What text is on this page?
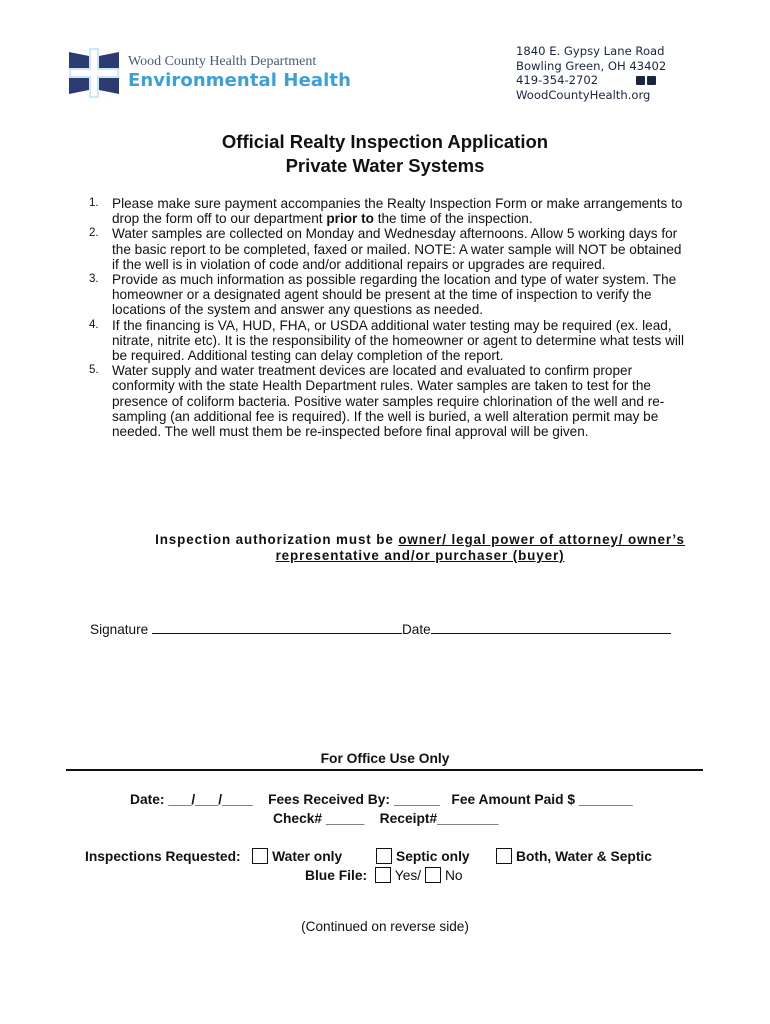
Wood County Health Department
Environmental Health
1840 E. Gypsy Lane Road
Bowling Green, OH 43402
419-354-2702
WoodCountyHealth.org
Official Realty Inspection Application
Private Water Systems
1. Please make sure payment accompanies the Realty Inspection Form or make arrangements to drop the form off to our department prior to the time of the inspection.
2. Water samples are collected on Monday and Wednesday afternoons. Allow 5 working days for the basic report to be completed, faxed or mailed. NOTE: A water sample will NOT be obtained if the well is in violation of code and/or additional repairs or upgrades are required.
3. Provide as much information as possible regarding the location and type of water system. The homeowner or a designated agent should be present at the time of inspection to verify the locations of the system and answer any questions as needed.
4. If the financing is VA, HUD, FHA, or USDA additional water testing may be required (ex. lead, nitrate, nitrite etc). It is the responsibility of the homeowner or agent to determine what tests will be required. Additional testing can delay completion of the report.
5. Water supply and water treatment devices are located and evaluated to confirm proper conformity with the state Health Department rules. Water samples are taken to test for the presence of coliform bacteria. Positive water samples require chlorination of the well and re-sampling (an additional fee is required). If the well is buried, a well alteration permit may be needed. The well must them be re-inspected before final approval will be given.
Inspection authorization must be owner/ legal power of attorney/ owner’s
representative and/or purchaser (buyer)
Signature	Date
For Office Use Only
Date: ___/___/____ Fees Received By: ______ Fee Amount Paid $ _______
Check# _____ Receipt#________
Inspections Requested: Water only	Septic only	Both, Water & Septic
Blue File: Yes/ No
(Continued on reverse side)
